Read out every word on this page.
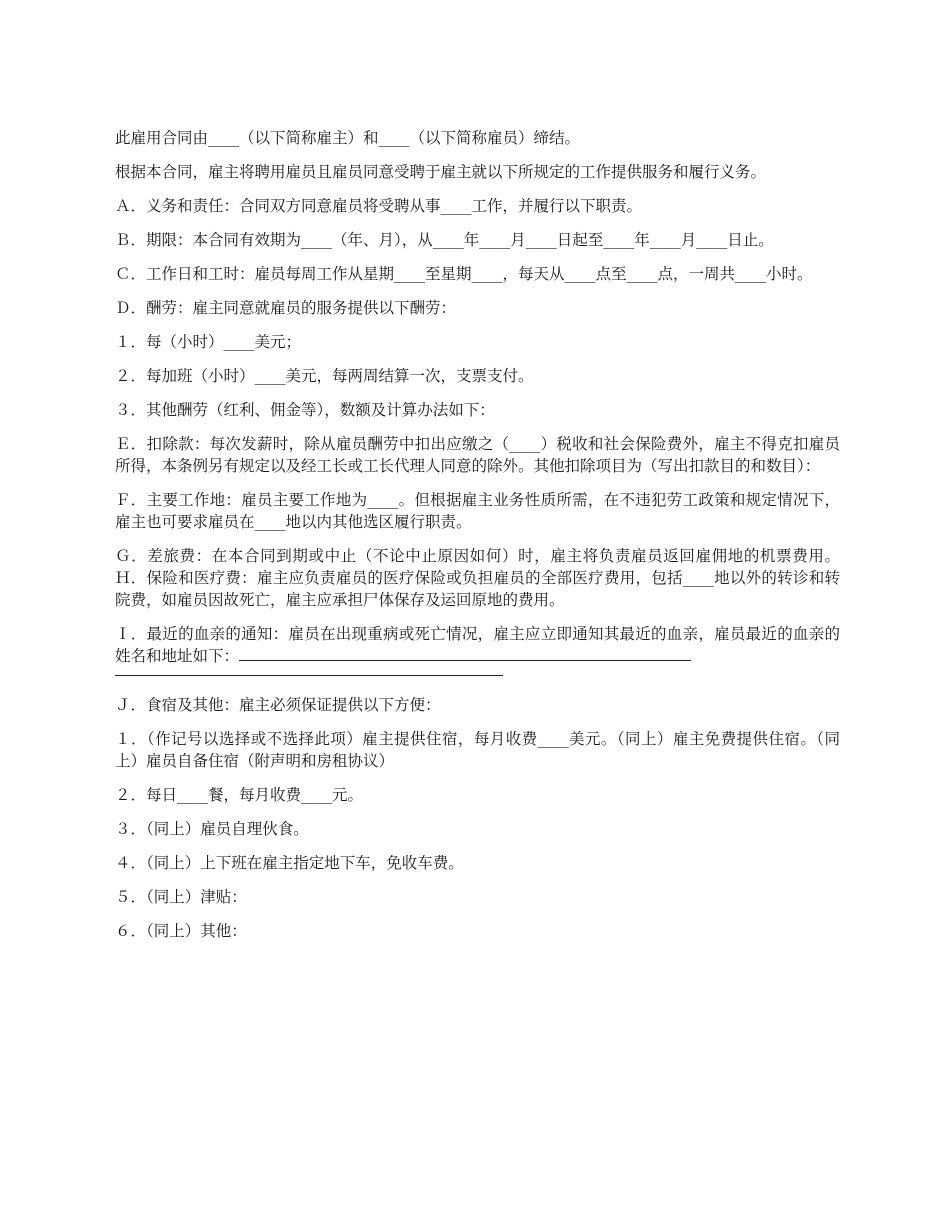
此雇用合同由____（以下简称雇主）和____（以下简称雇员）缔结。

根据本合同，雇主将聘用雇员且雇员同意受聘于雇主就以下所规定的工作提供服务和履行义务。

Ａ．义务和责任：合同双方同意雇员将受聘从事____工作，并履行以下职责。

Ｂ．期限：本合同有效期为____（年、月），从____年____月____日起至____年____月____日止。

Ｃ．工作日和工时：雇员每周工作从星期____至星期____，每天从____点至____点，一周共____小时。

Ｄ．酬劳：雇主同意就雇员的服务提供以下酬劳：

１．每（小时）____美元；

２．每加班（小时）____美元，每两周结算一次，支票支付。

３．其他酬劳（红利、佣金等），数额及计算办法如下：

Ｅ．扣除款：每次发薪时，除从雇员酬劳中扣出应缴之（____）税收和社会保险费外，雇主不得克扣雇员所得，本条例另有规定以及经工长或工长代理人同意的除外。其他扣除项目为（写出扣款目的和数目）：

Ｆ．主要工作地：雇员主要工作地为____。但根据雇主业务性质所需，在不违犯劳工政策和规定情况下，雇主也可要求雇员在____地以内其他选区履行职责。

Ｇ．差旅费：在本合同到期或中止（不论中止原因如何）时，雇主将负责雇员返回雇佣地的机票费用。Ｈ．保险和医疗费：雇主应负责雇员的医疗保险或负担雇员的全部医疗费用，包括____地以外的转诊和转院费，如雇员因故死亡，雇主应承担尸体保存及运回原地的费用。

Ｉ．最近的血亲的通知：雇员在出现重病或死亡情况，雇主应立即通知其最近的血亲，雇员最近的血亲的姓名和地址如下：

Ｊ．食宿及其他：雇主必须保证提供以下方便：

１．（作记号以选择或不选择此项）雇主提供住宿，每月收费____美元。（同上）雇主免费提供住宿。（同上）雇员自备住宿（附声明和房租协议）

２．每日____餐，每月收费____元。

３．（同上）雇员自理伙食。

４．（同上）上下班在雇主指定地下车，免收车费。

５．（同上）津贴：

６．（同上）其他：
